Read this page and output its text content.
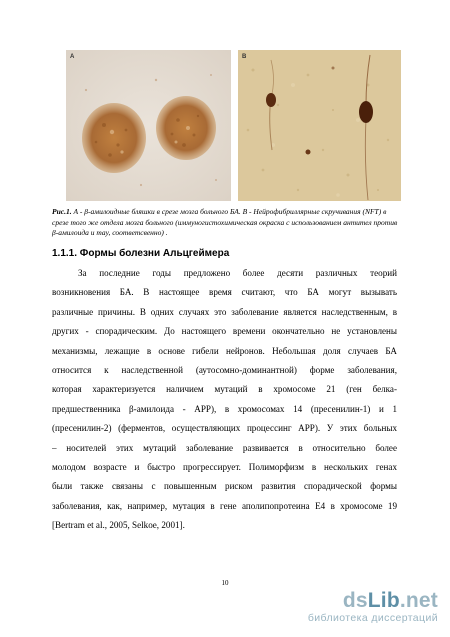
A	B
Рис.1. А - β-амилоидные бляшки в срезе мозга больного БА. В - Нейрофибриллярные скручивания (NFT) в срезе того же отдела мозга больного (иммуногистохимическая окраска с использованием антител против β-амилоида и тау, соответсвенно) .
1.1.1. Формы болезни Альцгеймера
За последние годы предложено более десяти различных теорий
возникновения БА. В настоящее время считают, что БА могут вызывать
различные причины. В одних случаях это заболевание является наследственным, в
других - спорадическим. До настоящего времени окончательно не установлены
механизмы, лежащие в основе гибели нейронов. Небольшая доля случаев БА
относится к наследственной (аутосомно-доминантной) форме заболевания,
которая характеризуется наличием мутаций в хромосоме 21 (ген белка-
предшественника β-амилоида - APP), в хромосомах 14 (пресенилин-1) и 1
(пресенилин-2) (ферментов, осуществляющих процессинг APP). У этих больных
– носителей этих мутаций заболевание развивается в относительно более
молодом возрасте и быстро прогрессирует. Полиморфизм в нескольких генах
были также связаны с повышенным риском развития спорадической формы
заболевания, как, например, мутация в гене аполипопротеина Е4 в хромосоме 19
[Bertram et al., 2005, Selkoe, 2001].
10
dsLib.net
библиотека диссертаций
